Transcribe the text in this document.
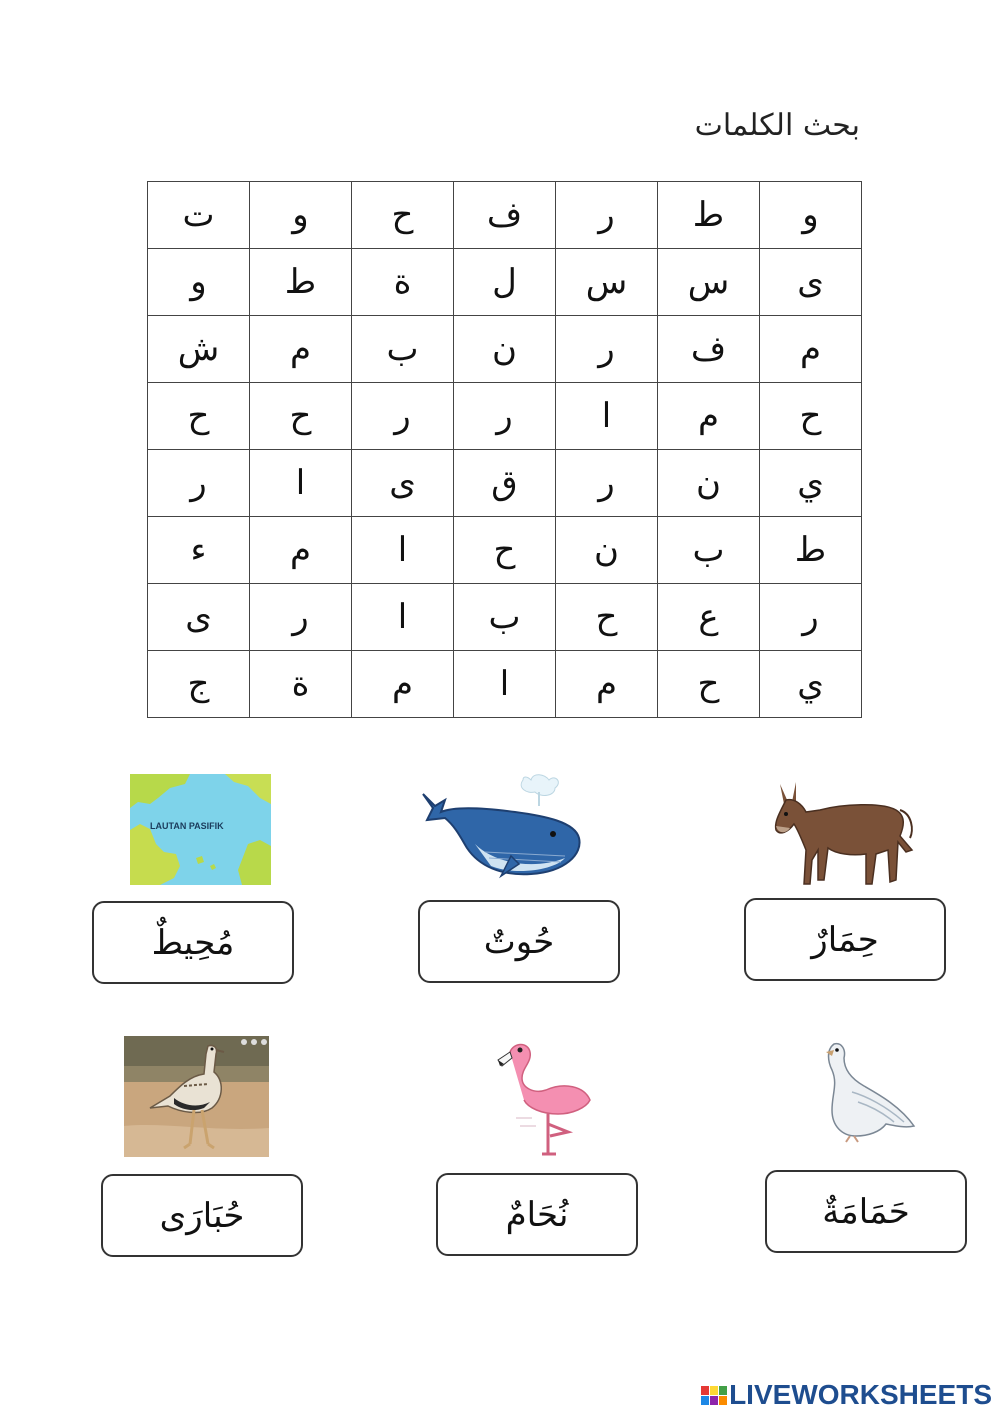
بحث الكلمات
و	ط	ر	ف	ح	و	ت
ى	س	س	ل	ة	ط	و
م	ف	ر	ن	ب	م	ش
ح	م	ا	ر	ر	ح	ح
ي	ن	ر	ق	ى	ا	ر
ط	ب	ن	ح	ا	م	ء
ر	ع	ح	ب	ا	ر	ى
ي	ح	م	ا	م	ة	ج
LAUTAN PASIFIK
مُحِيطٌ	حُوتٌ	حِمَارٌ
حُبَارَى	نُحَامٌ	حَمَامَةٌ
LIVEWORKSHEETS
